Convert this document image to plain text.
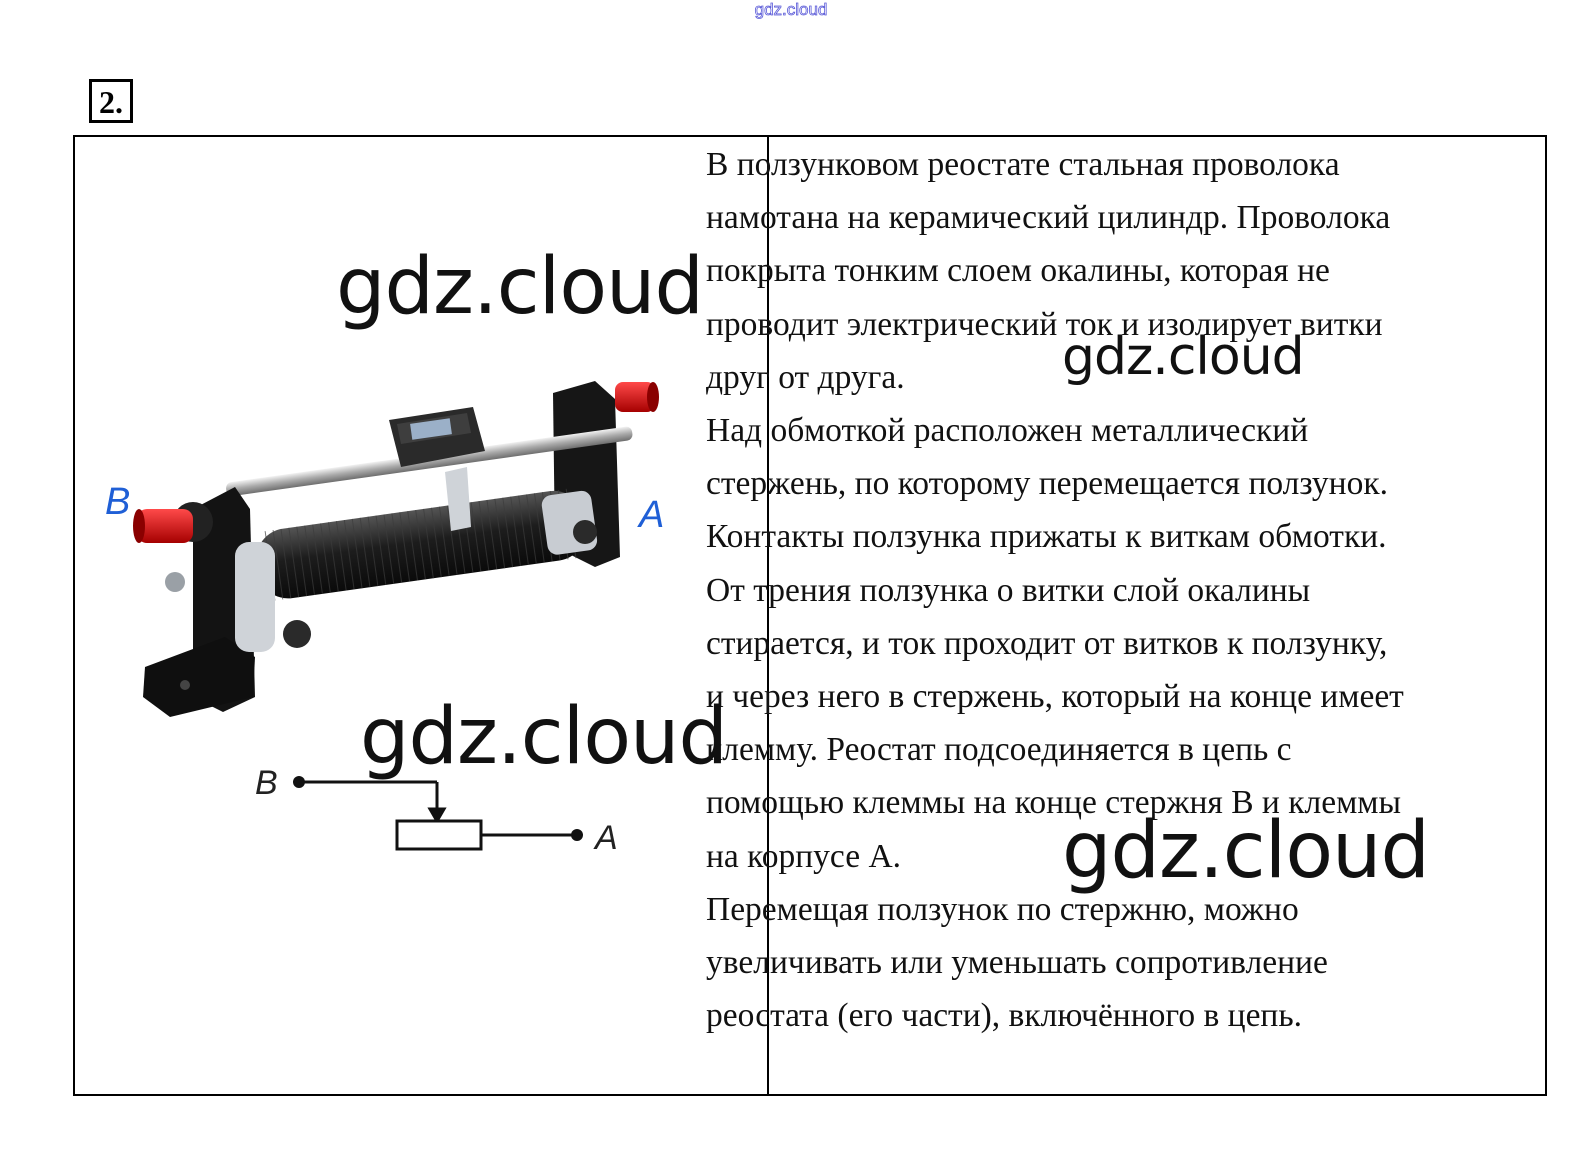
gdz.cloud
2.
B	A
B
A

В ползунковом реостате стальная проволока

намотана на керамический цилиндр. Проволока

покрыта тонким слоем окалины, которая не

проводит электрический ток и изолирует витки

друг от друга.

Над обмоткой расположен металлический

стержень, по которому перемещается ползунок.

Контакты ползунка прижаты к виткам обмотки.

От трения ползунка о витки слой окалины

стирается, и ток проходит от витков к ползунку,

и через него в стержень, который на конце имеет

клемму. Реостат подсоединяется в цепь с

помощью клеммы на конце стержня В и клеммы

на корпусе А.

Перемещая ползунок по стержню, можно

увеличивать или уменьшать сопротивление

реостата (его части), включённого в цепь.

gdz.cloud
gdz.cloud
gdz.cloud
gdz.cloud
